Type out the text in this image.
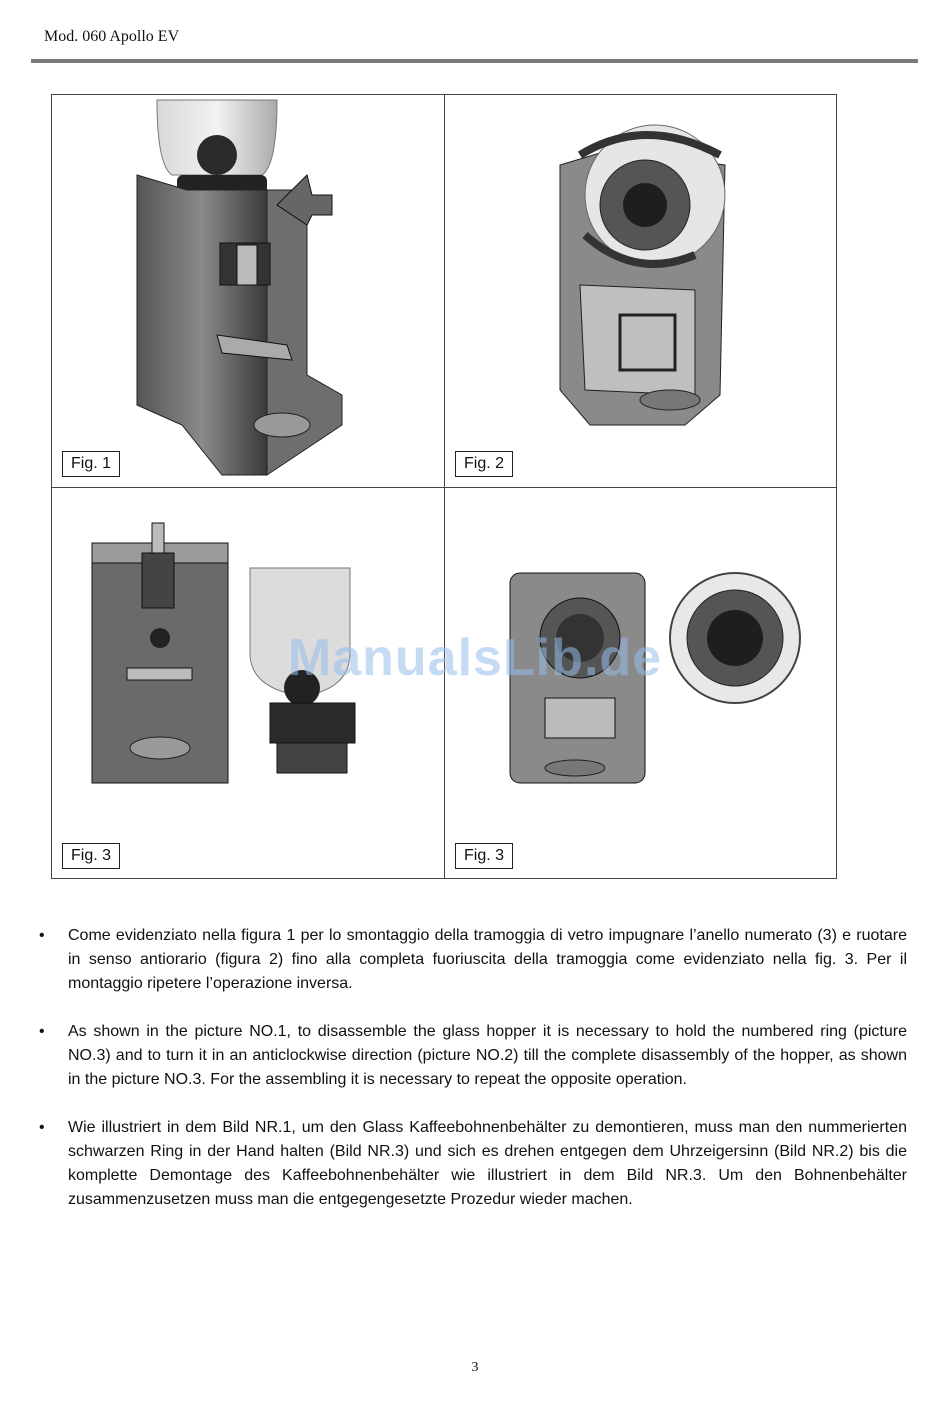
Mod. 060 Apollo EV
Fig. 1	Fig. 2
Fig. 3	Fig. 3
ManualsLib.de
• Come evidenziato nella figura 1 per lo smontaggio della tramoggia di vetro impugnare l’anello numerato (3) e ruotare in senso antiorario (figura 2) fino alla completa fuoriuscita della tramoggia come evidenziato nella fig. 3. Per il montaggio ripetere l’operazione inversa.
• As shown in the picture NO.1, to disassemble the glass hopper it is necessary to hold the numbered ring (picture NO.3) and to turn it in an anticlockwise direction (picture NO.2) till the complete disassembly of the hopper, as shown in the picture NO.3. For the assembling it is necessary to repeat the opposite operation.
• Wie illustriert in dem Bild NR.1, um den Glass Kaffeebohnenbehälter zu demontieren, muss man den nummerierten schwarzen Ring in der Hand halten (Bild NR.3) und sich es drehen entgegen dem Uhrzeigersinn (Bild NR.2) bis die komplette Demontage des Kaffeebohnenbehälter wie illustriert in dem Bild NR.3. Um den Bohnenbehälter zusammenzusetzen muss man die entgegengesetzte Prozedur wieder machen.
3
